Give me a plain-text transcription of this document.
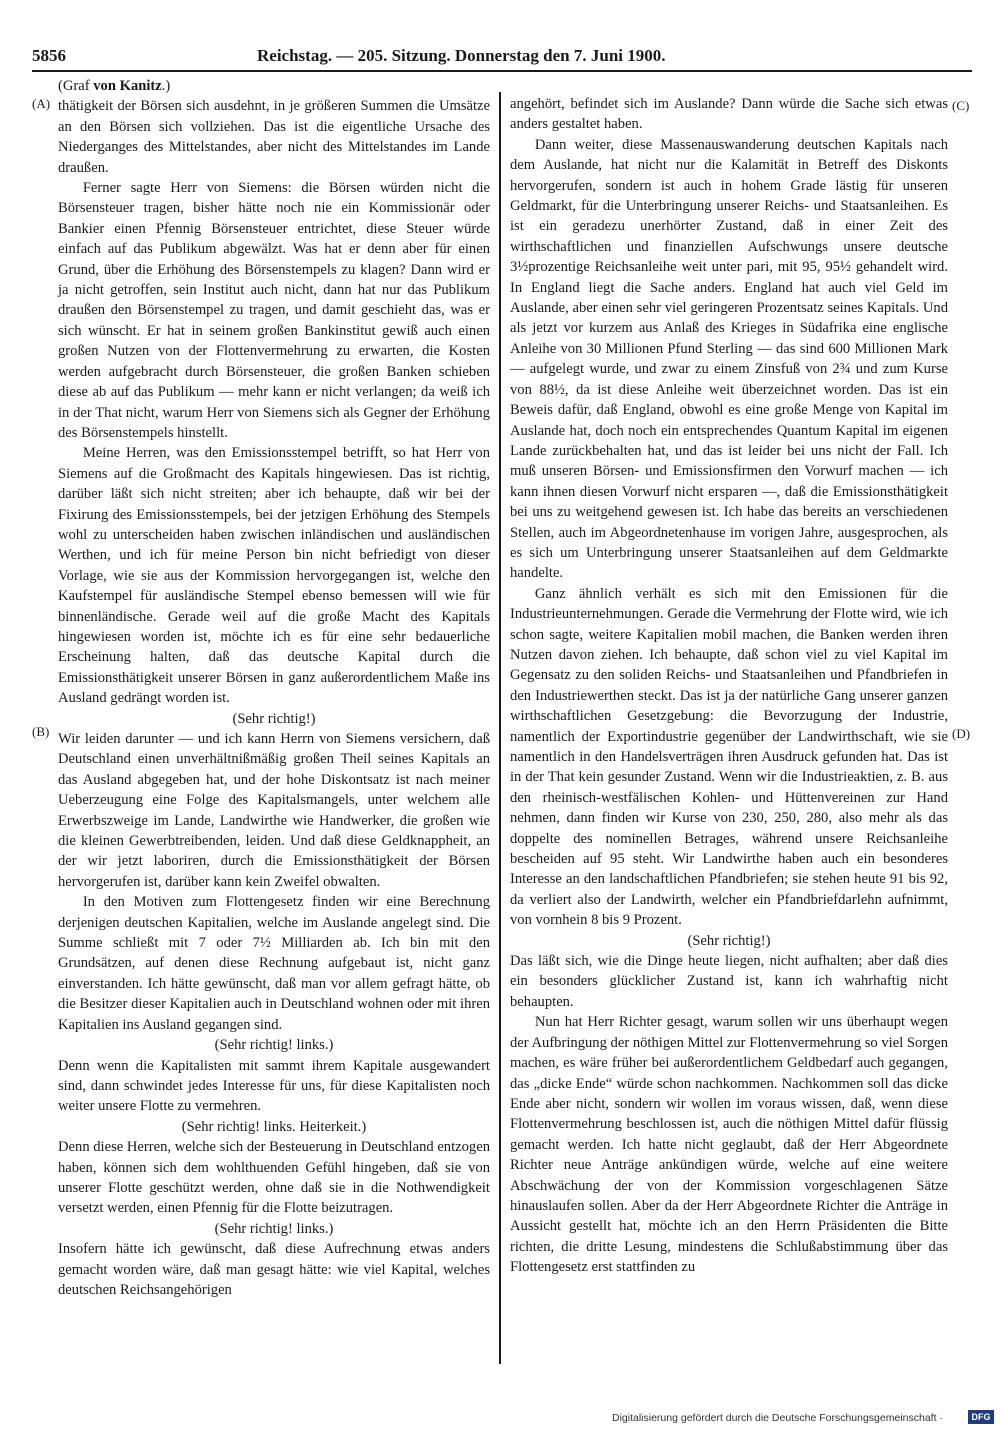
5856	Reichstag. — 205. Sitzung. Donnerstag den 7. Juni 1900.
(A)
(B)
(C)
(D)

(Graf von Kanitz.)

thätigkeit der Börsen sich ausdehnt, in je größeren Summen die Umsätze an den Börsen sich vollziehen. Das ist die eigentliche Ursache des Niederganges des Mittelstandes, aber nicht des Mittelstandes im Lande draußen.

Ferner sagte Herr von Siemens: die Börsen würden nicht die Börsensteuer tragen, bisher hätte noch nie ein Kommissionär oder Bankier einen Pfennig Börsensteuer entrichtet, diese Steuer würde einfach auf das Publikum abgewälzt. Was hat er denn aber für einen Grund, über die Erhöhung des Börsenstempels zu klagen? Dann wird er ja nicht getroffen, sein Institut auch nicht, dann hat nur das Publikum draußen den Börsenstempel zu tragen, und damit geschieht das, was er sich wünscht. Er hat in seinem großen Bankinstitut gewiß auch einen großen Nutzen von der Flottenvermehrung zu erwarten, die Kosten werden aufgebracht durch Börsensteuer, die großen Banken schieben diese ab auf das Publikum — mehr kann er nicht verlangen; da weiß ich in der That nicht, warum Herr von Siemens sich als Gegner der Erhöhung des Börsenstempels hinstellt.

Meine Herren, was den Emissionsstempel betrifft, so hat Herr von Siemens auf die Großmacht des Kapitals hingewiesen. Das ist richtig, darüber läßt sich nicht streiten; aber ich behaupte, daß wir bei der Fixirung des Emissionsstempels, bei der jetzigen Erhöhung des Stempels wohl zu unterscheiden haben zwischen inländischen und ausländischen Werthen, und ich für meine Person bin nicht befriedigt von dieser Vorlage, wie sie aus der Kommission hervorgegangen ist, welche den Kaufstempel für ausländische Stempel ebenso bemessen will wie für binnenländische. Gerade weil auf die große Macht des Kapitals hingewiesen worden ist, möchte ich es für eine sehr bedauerliche Erscheinung halten, daß das deutsche Kapital durch die Emissionsthätigkeit unserer Börsen in ganz außerordentlichem Maße ins Ausland gedrängt worden ist.

(Sehr richtig!)

Wir leiden darunter — und ich kann Herrn von Siemens versichern, daß Deutschland einen unverhältnißmäßig großen Theil seines Kapitals an das Ausland abgegeben hat, und der hohe Diskontsatz ist nach meiner Ueberzeugung eine Folge des Kapitalsmangels, unter welchem alle Erwerbszweige im Lande, Landwirthe wie Handwerker, die großen wie die kleinen Gewerbtreibenden, leiden. Und daß diese Geldknappheit, an der wir jetzt laboriren, durch die Emissionsthätigkeit der Börsen hervorgerufen ist, darüber kann kein Zweifel obwalten.

In den Motiven zum Flottengesetz finden wir eine Berechnung derjenigen deutschen Kapitalien, welche im Auslande angelegt sind. Die Summe schließt mit 7 oder 7½ Milliarden ab. Ich bin mit den Grundsätzen, auf denen diese Rechnung aufgebaut ist, nicht ganz einverstanden. Ich hätte gewünscht, daß man vor allem gefragt hätte, ob die Besitzer dieser Kapitalien auch in Deutschland wohnen oder mit ihren Kapitalien ins Ausland gegangen sind.

(Sehr richtig! links.)

Denn wenn die Kapitalisten mit sammt ihrem Kapitale ausgewandert sind, dann schwindet jedes Interesse für uns, für diese Kapitalisten noch weiter unsere Flotte zu vermehren.

(Sehr richtig! links. Heiterkeit.)

Denn diese Herren, welche sich der Besteuerung in Deutschland entzogen haben, können sich dem wohlthuenden Gefühl hingeben, daß sie von unserer Flotte geschützt werden, ohne daß sie in die Nothwendigkeit versetzt werden, einen Pfennig für die Flotte beizutragen.

(Sehr richtig! links.)

Insofern hätte ich gewünscht, daß diese Aufrechnung etwas anders gemacht worden wäre, daß man gesagt hätte: wie viel Kapital, welches deutschen Reichsangehörigen

angehört, befindet sich im Auslande? Dann würde die Sache sich etwas anders gestaltet haben.

Dann weiter, diese Massenauswanderung deutschen Kapitals nach dem Auslande, hat nicht nur die Kalamität in Betreff des Diskonts hervorgerufen, sondern ist auch in hohem Grade lästig für unseren Geldmarkt, für die Unterbringung unserer Reichs- und Staatsanleihen. Es ist ein geradezu unerhörter Zustand, daß in einer Zeit des wirthschaftlichen und finanziellen Aufschwungs unsere deutsche 3½prozentige Reichsanleihe weit unter pari, mit 95, 95½ gehandelt wird. In England liegt die Sache anders. England hat auch viel Geld im Auslande, aber einen sehr viel geringeren Prozentsatz seines Kapitals. Und als jetzt vor kurzem aus Anlaß des Krieges in Südafrika eine englische Anleihe von 30 Millionen Pfund Sterling — das sind 600 Millionen Mark — aufgelegt wurde, und zwar zu einem Zinsfuß von 2¾ und zum Kurse von 88½, da ist diese Anleihe weit überzeichnet worden. Das ist ein Beweis dafür, daß England, obwohl es eine große Menge von Kapital im Auslande hat, doch noch ein entsprechendes Quantum Kapital im eigenen Lande zurückbehalten hat, und das ist leider bei uns nicht der Fall. Ich muß unseren Börsen- und Emissionsfirmen den Vorwurf machen — ich kann ihnen diesen Vorwurf nicht ersparen —, daß die Emissionsthätigkeit bei uns zu weitgehend gewesen ist. Ich habe das bereits an verschiedenen Stellen, auch im Abgeordnetenhause im vorigen Jahre, ausgesprochen, als es sich um Unterbringung unserer Staatsanleihen auf dem Geldmarkte handelte.

Ganz ähnlich verhält es sich mit den Emissionen für die Industrieunternehmungen. Gerade die Vermehrung der Flotte wird, wie ich schon sagte, weitere Kapitalien mobil machen, die Banken werden ihren Nutzen davon ziehen. Ich behaupte, daß schon viel zu viel Kapital im Gegensatz zu den soliden Reichs- und Staatsanleihen und Pfandbriefen in den Industriewerthen steckt. Das ist ja der natürliche Gang unserer ganzen wirthschaftlichen Gesetzgebung: die Bevorzugung der Industrie, namentlich der Exportindustrie gegenüber der Landwirthschaft, wie sie namentlich in den Handelsverträgen ihren Ausdruck gefunden hat. Das ist in der That kein gesunder Zustand. Wenn wir die Industrieaktien, z. B. aus den rheinisch-westfälischen Kohlen- und Hüttenvereinen zur Hand nehmen, dann finden wir Kurse von 230, 250, 280, also mehr als das doppelte des nominellen Betrages, während unsere Reichsanleihe bescheiden auf 95 steht. Wir Landwirthe haben auch ein besonderes Interesse an den landschaftlichen Pfandbriefen; sie stehen heute 91 bis 92, da verliert also der Landwirth, welcher ein Pfandbriefdarlehn aufnimmt, von vornhein 8 bis 9 Prozent.

(Sehr richtig!)

Das läßt sich, wie die Dinge heute liegen, nicht aufhalten; aber daß dies ein besonders glücklicher Zustand ist, kann ich wahrhaftig nicht behaupten.

Nun hat Herr Richter gesagt, warum sollen wir uns überhaupt wegen der Aufbringung der nöthigen Mittel zur Flottenvermehrung so viel Sorgen machen, es wäre früher bei außerordentlichem Geldbedarf auch gegangen, das „dicke Ende“ würde schon nachkommen. Nachkommen soll das dicke Ende aber nicht, sondern wir wollen im voraus wissen, daß, wenn diese Flottenvermehrung beschlossen ist, auch die nöthigen Mittel dafür flüssig gemacht werden. Ich hatte nicht geglaubt, daß der Herr Abgeordnete Richter neue Anträge ankündigen würde, welche auf eine weitere Abschwächung der von der Kommission vorgeschlagenen Sätze hinauslaufen sollen. Aber da der Herr Abgeordnete Richter die Anträge in Aussicht gestellt hat, möchte ich an den Herrn Präsidenten die Bitte richten, die dritte Lesung, mindestens die Schlußabstimmung über das Flottengesetz erst stattfinden zu

Digitalisierung gefördert durch die Deutsche Forschungsgemeinschaft ·	DFG
